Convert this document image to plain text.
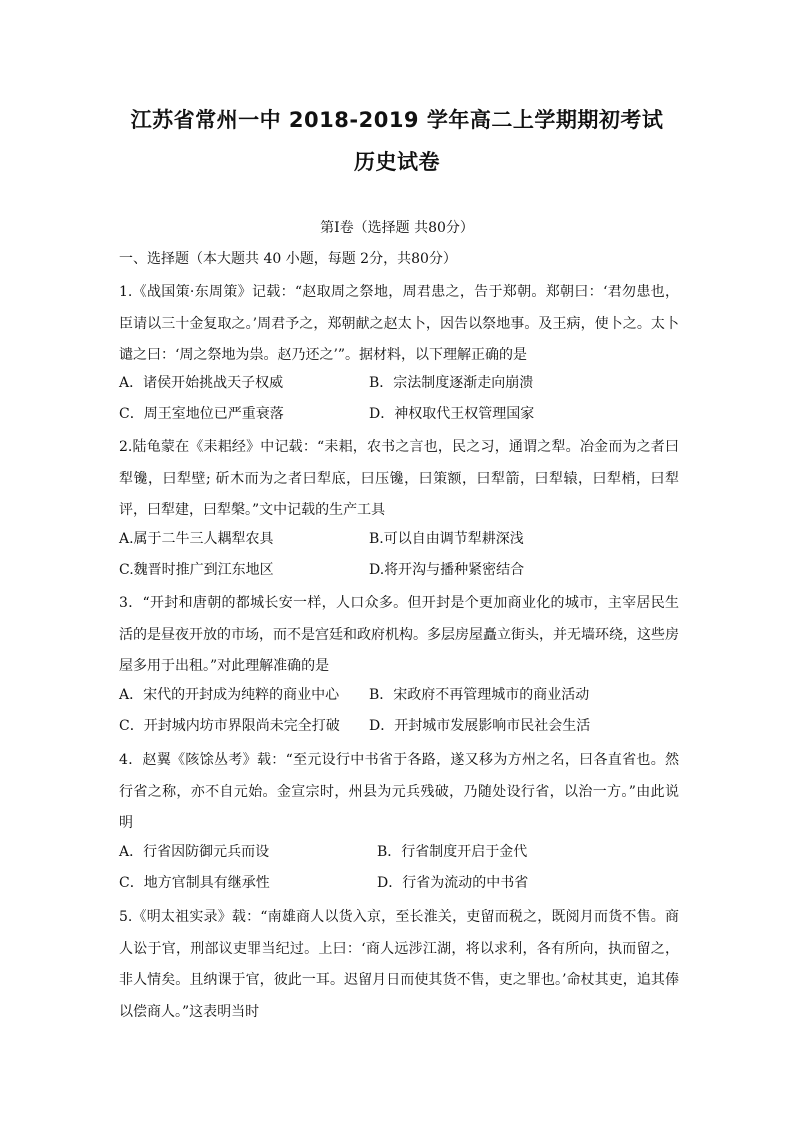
江苏省常州一中 2018-2019 学年高二上学期期初考试
历史试卷
第Ⅰ卷（选择题 共80分）
一、选择题（本大题共 40 小题，每题 2分，共80分）
1.《战国策·东周策》记载：“赵取周之祭地，周君患之，告于郑朝。郑朝曰：‘君勿患也，臣请以三十金复取之。’周君予之，郑朝献之赵太卜，因告以祭地事。及王病，使卜之。太卜谴之曰：‘周之祭地为祟。赵乃还之’”。据材料，以下理解正确的是
A．诸侯开始挑战天子权威	B．宗法制度逐渐走向崩溃
C．周王室地位已严重衰落	D．神权取代王权管理国家
2.陆龟蒙在《耒耜经》中记载：“耒耜，农书之言也，民之习，通谓之犁。冶金而为之者曰犁镵，曰犁壁; 斫木而为之者曰犁底，曰压镵，曰策额，曰犁箭，曰犁辕，曰犁梢，曰犁评，曰犁建，曰犁槃。”文中记载的生产工具
A.属于二牛三人耦犁农具	B.可以自由调节犁耕深浅
C.魏晋时推广到江东地区	D.将开沟与播种紧密结合
3．“开封和唐朝的都城长安一样，人口众多。但开封是个更加商业化的城市，主宰居民生活的是昼夜开放的市场，而不是宫廷和政府机构。多层房屋矗立街头，并无墙环绕，这些房屋多用于出租。”对此理解准确的是
A．宋代的开封成为纯粹的商业中心 B．宋政府不再管理城市的商业活动
C．开封城内坊市界限尚未完全打破 D．开封城市发展影响市民社会生活
4．赵翼《陔馀丛考》载：“至元设行中书省于各路，遂又移为方州之名，曰各直省也。然行省之称，亦不自元始。金宣宗时，州县为元兵残破，乃随处设行省，以治一方。”由此说明
A．行省因防御元兵而设	B．行省制度开启于金代
C．地方官制具有继承性	D．行省为流动的中书省
5.《明太祖实录》载：“南雄商人以货入京，至长淮关，吏留而税之，既阅月而货不售。商人讼于官，刑部议吏罪当纪过。上曰：‘商人远涉江湖，将以求利，各有所向，执而留之，非人情矣。且纳课于官，彼此一耳。迟留月日而使其货不售，吏之罪也。’命杖其吏，追其俸以偿商人。”这表明当时
